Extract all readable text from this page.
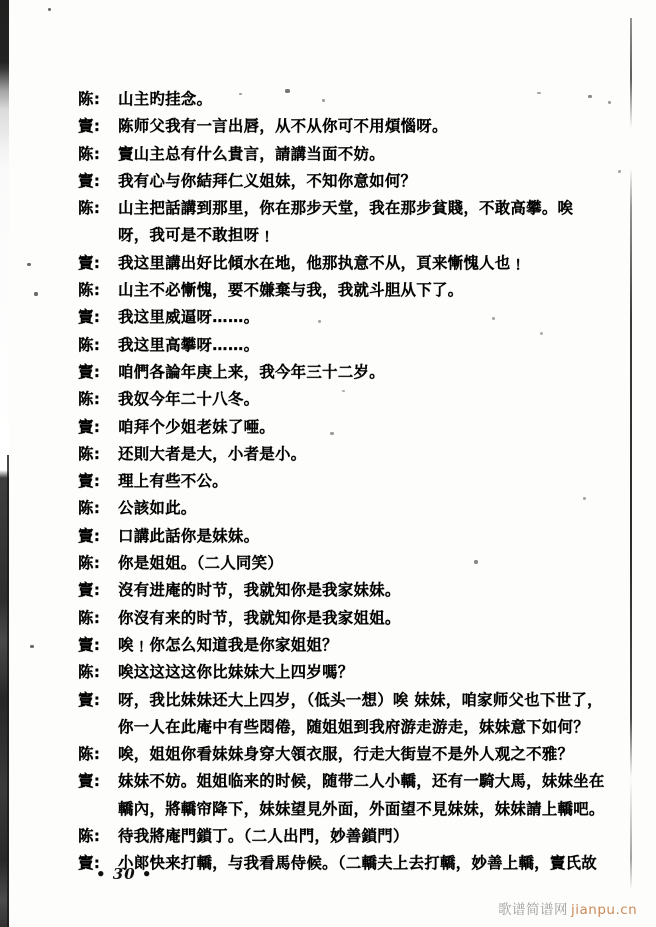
陈:	山主旳挂念。
竇:	陈师父我有一言出唇，从不从你可不用煩惱呀。
陈:	竇山主总有什么貴言，請講当面不妨。
竇:	我有心与你結拜仁义姐妹，不知你意如何？
陈:	山主把話講到那里，你在那步天堂，我在那步貧賤，不敢高攀。唉
呀，我可是不敢担呀﹗
竇:	我这里講出好比傾水在地，他那执意不从，頁来慚愧人也﹗
陈:	山主不必慚愧，要不嫌棄与我，我就斗胆从下了。
竇:	我这里威逼呀……。
陈:	我这里高攀呀……。
竇:	咱們各論年庚上来，我今年三十二岁。
陈:	我奴今年二十八冬。
竇:	咱拜个少姐老妹了唖。
陈:	还則大者是大，小者是小。
竇:	理上有些不公。
陈:	公該如此。
竇:	口講此話你是妹妹。
陈:	你是姐姐。（二人同笑）
竇:	沒有进庵的时节，我就知你是我家妹妹。
陈:	你沒有来的时节，我就知你是我家姐姐。
竇:	唉﹗你怎么知道我是你家姐姐？
陈:	唉这这这这你比妹妹大上四岁嗎？
竇:	呀，我比妹妹还大上四岁，（低头一想）唉 妹妹，咱家师父也下世了，你一人在此庵中有些悶倦，随姐姐到我府游走游走，妹妹意下如何？
陈:	唉，姐姐你看妹妹身穿大領衣服，行走大街豈不是外人观之不雅？
竇:	妹妹不妨。姐姐临来的时候，随带二人小轎，还有一騎大馬，妹妹坐在轎內，將轎帘降下，妹妹望見外面，外面望不見妹妹，妹妹請上轎吧。
陈:	待我將庵門鎖丁。（二人出門，妙善鎖門）
竇:	小郞快来打轎，与我看馬侍候。（二轎夫上去打轎，妙善上轎，竇氏故
• 30 •
歌谱简谱网 jianpu.cn
